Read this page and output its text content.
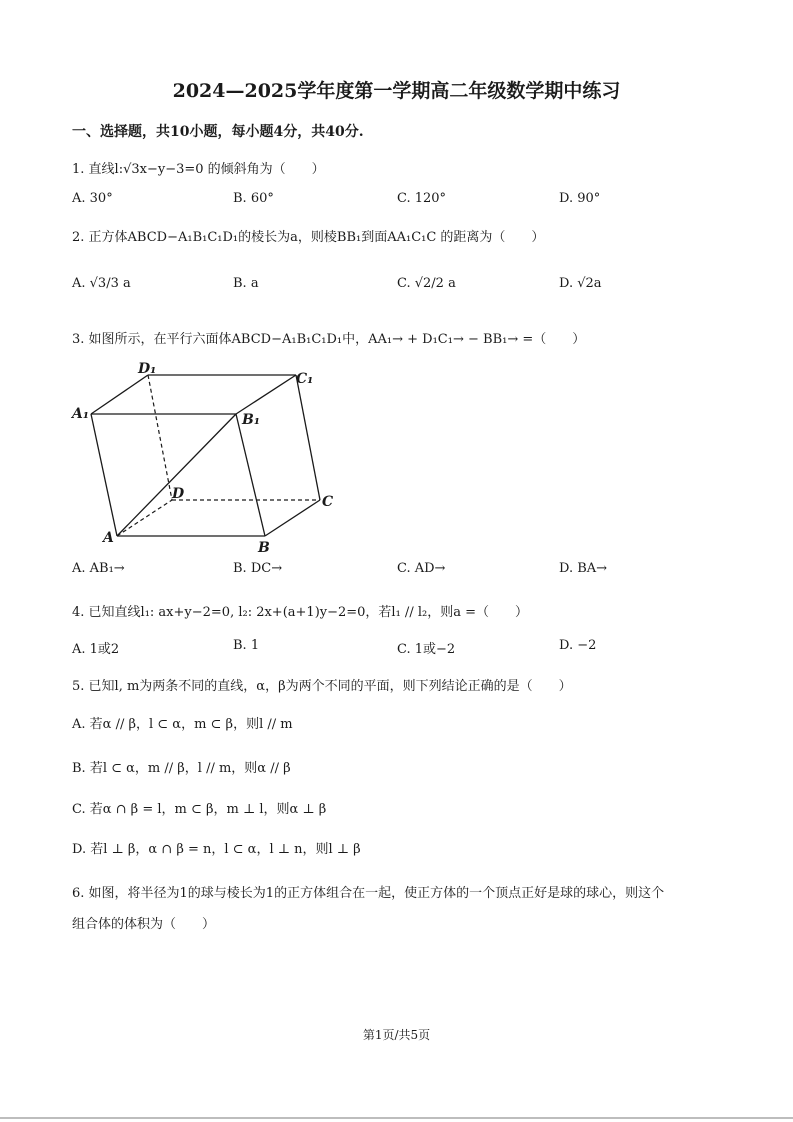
2024—2025学年度第一学期高二年级数学期中练习
一、选择题，共10小题，每小题4分，共40分.
1. 直线l:√3x−y−3=0 的倾斜角为（　　）
A. 30°	B. 60°	C. 120°	D. 90°
2. 正方体ABCD−A₁B₁C₁D₁的棱长为a，则棱BB₁到面AA₁C₁C 的距离为（　　）
A. √3/3 a	B. a	C. √2/2 a	D. √2a
3. 如图所示，在平行六面体ABCD−A₁B₁C₁D₁中，AA₁→ + D₁C₁→ − BB₁→ =（　　）
D₁
C₁
A₁	B₁
D	C
A
B
A. AB₁→	B. DC→	C. AD→	D. BA→
4. 已知直线l₁: ax+y−2=0, l₂: 2x+(a+1)y−2=0，若l₁ // l₂，则a =（　　）
A. 1或2	B. 1	C. 1或−2	D. −2
5. 已知l, m为两条不同的直线，α，β为两个不同的平面，则下列结论正确的是（　　）
A. 若α // β，l ⊂ α，m ⊂ β，则l // m
B. 若l ⊂ α，m // β，l // m，则α // β
C. 若α ∩ β = l，m ⊂ β，m ⊥ l，则α ⊥ β
D. 若l ⊥ β，α ∩ β = n，l ⊂ α，l ⊥ n，则l ⊥ β
6. 如图，将半径为1的球与棱长为1的正方体组合在一起，使正方体的一个顶点正好是球的球心，则这个
组合体的体积为（　　）
第1页/共5页
